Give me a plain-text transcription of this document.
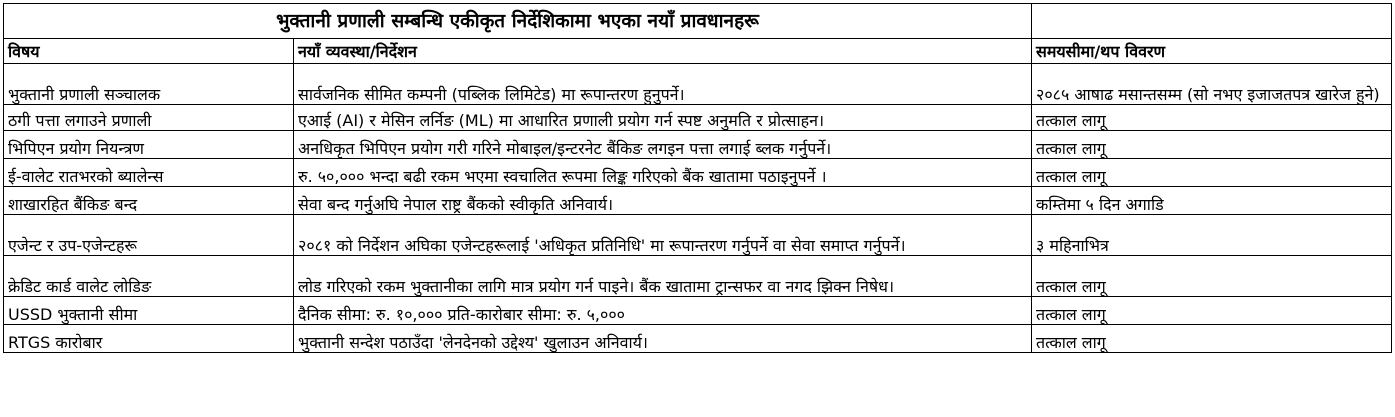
भुक्तानी प्रणाली सम्बन्धि एकीकृत निर्देशिकामा भएका नयाँ प्रावधानहरू		
विषय	नयाँ व्यवस्था/निर्देशन	समयसीमा/थप विवरण
भुक्तानी प्रणाली सञ्चालक	सार्वजनिक सीमित कम्पनी (पब्लिक लिमिटेड) मा रूपान्तरण हुनुपर्ने।	२०८५ आषाढ मसान्तसम्म (सो नभए इजाजतपत्र खारेज हुने)
ठगी पत्ता लगाउने प्रणाली	एआई (AI) र मेसिन लर्निङ (ML) मा आधारित प्रणाली प्रयोग गर्न स्पष्ट अनुमति र प्रोत्साहन।	तत्काल लागू
भिपिएन प्रयोग नियन्त्रण	अनधिकृत भिपिएन प्रयोग गरी गरिने मोबाइल/इन्टरनेट बैंकिङ लगइन पत्ता लगाई ब्लक गर्नुपर्ने।	तत्काल लागू
ई-वालेट रातभरको ब्यालेन्स	रु. ५०,००० भन्दा बढी रकम भएमा स्वचालित रूपमा लिङ्क गरिएको बैंक खातामा पठाइनुपर्ने ।	तत्काल लागू
शाखारहित बैंकिङ बन्द	सेवा बन्द गर्नुअघि नेपाल राष्ट्र बैंकको स्वीकृति अनिवार्य।	कम्तिमा ५ दिन अगाडि
एजेन्ट र उप-एजेन्टहरू	२०८१ को निर्देशन अघिका एजेन्टहरूलाई 'अधिकृत प्रतिनिधि' मा रूपान्तरण गर्नुपर्ने वा सेवा समाप्त गर्नुपर्ने।	३ महिनाभित्र
क्रेडिट कार्ड वालेट लोडिङ	लोड गरिएको रकम भुक्तानीका लागि मात्र प्रयोग गर्न पाइने। बैंक खातामा ट्रान्सफर वा नगद झिक्न निषेध।	तत्काल लागू
USSD भुक्तानी सीमा	दैनिक सीमा: रु. १०,००० प्रति-कारोबार सीमा: रु. ५,०००	तत्काल लागू
RTGS कारोबार	भुक्तानी सन्देश पठाउँदा 'लेनदेनको उद्देश्य' खुलाउन अनिवार्य।	तत्काल लागू
